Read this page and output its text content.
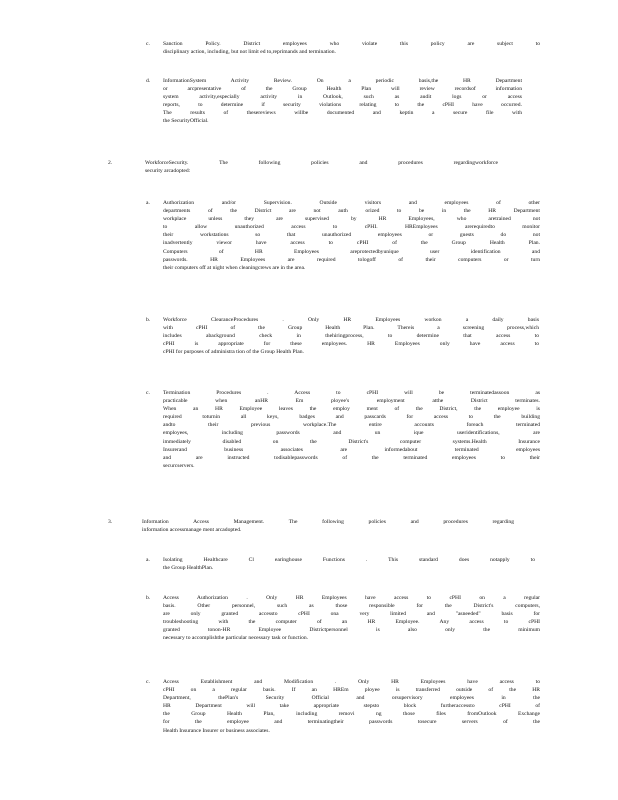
c. Sanction Policy. District employees who violate this policy are subject to
disciplinary action, including, but not limit ed to,reprimands and termination.
d. InformationSystem Activity Review. On a periodic basis,the HR Department
or arcpresentative of the Group Health Plan will review recordsof information
system activity,especially activity in Outlook, such as audit logs or access
reports, to determine if security violations relating to the cPHI have occurred.
The results of thesereviews willbe documented and keptin a secure file with
the SecurityOfficial.
2.	WorkforceSecurity. The following policies and procedures regardingworkforce
security arcadopted:
a. Authorization and/or Supervision. Outside visitors and employees of other
departments of the District are not auth orized to be in the HR Department
workplace unless they are supervised by HR Employees, who aretrained not
to allow unauthorized access to cPHI. HREmployees arerequiredto monitor
their workstations so that unauthorized employees or guests do not
inadvertently viewor have access to cPHI of the Group Health Plan.
Computers of HR Employees areprotectedbyunique user identification and
passwords. HR Employees are required tologoff of their computers or turn
their computers off at night when cleaningcrews are in the area.
b. Workforce ClearanceProcedures . Only HR Employees workon a daily basis
with cPHI of the Group Health Plan. Thereis a screening process,which
includes abackground check in thehiringprocess, to determine that access to
cPHI is appropriate for these employees. HR Employees only have access to
cPHI for purposes of administra tion of the Group Health Plan.
c. Termination Procedures . Access to cPHI will be terminatedassoon as
practicable when anHR Em ployee's employment atthe District terminates.
When an HR Employee leaves the employ ment of the District, the employee is
required toturnin all keys, badges and passcards for access to the building
andto their previous workplace.The entire accounts foreach terminated
employees, including passwords and un ique useridentifications, are
immediately disabled on the District's computer systems.Health Insurance
Insurerand business associates are informedabout terminated employees
and are instructed todisablepasswords of the terminated employees to their
securcservers.
3.	Information Access Management. The following policies and procedures regarding
information accessmanage ment arcadopted.
a. Isolating Healthcare Cl earinghouse Functions . This standard does notapply to
the Group HealthPlan.
b. Access Authorization . Only HR Employees have access to cPHI on a regular
basis. Other personnel, such as those responsible for the District's computers,
are only granted accessto cPHI ona very limited and "asneeded" basis for
troubleshooting with the computer of an HR Employee. Any access to cPHI
granted tonon-HR Employee Districtpersonnel is also only the minimum
necessary to accomplishthe particular necessary task or function.
c. Access Establishment and Modification . Only HR Employees have access to
cPHI on a regular basis. If an HREm ployee is transferred outside of the HR
Department, thePlan's Security Official and orsupervisory employees in the
HR Department will take appropriate stepsto block furtheraccessto cPHI of
the Group Health Plan, including removi ng those files fromOutlook Exchange
for the employee and terminatingtheir passwords tosecure servers of the
Health Insurance Insurer or business associates.
